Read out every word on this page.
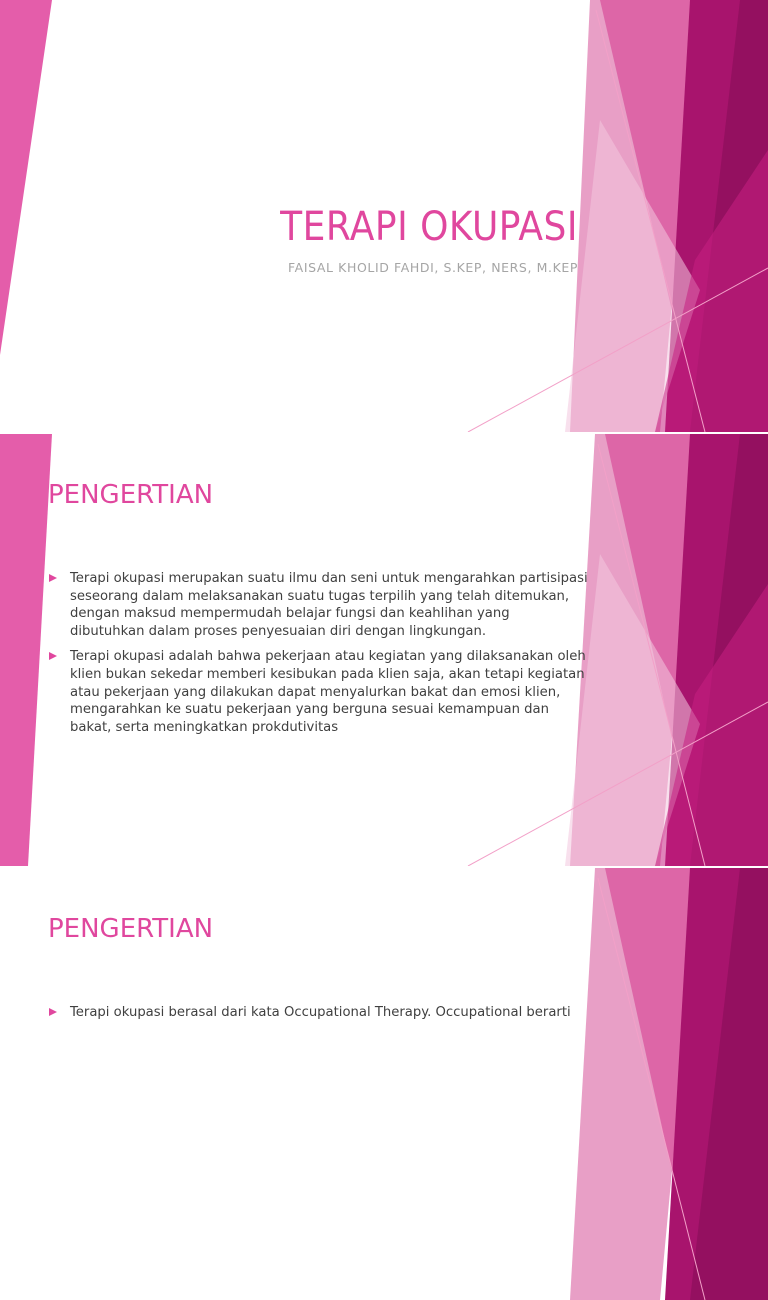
TERAPI OKUPASI
FAISAL KHOLID FAHDI, S.KEP, NERS, M.KEP
PENGERTIAN
Terapi okupasi merupakan suatu ilmu dan seni untuk mengarahkan partisipasi seseorang dalam melaksanakan suatu tugas terpilih yang telah ditemukan, dengan maksud mempermudah belajar fungsi dan keahlihan yang dibutuhkan dalam proses penyesuaian diri dengan lingkungan.
Terapi okupasi adalah bahwa pekerjaan atau kegiatan yang dilaksanakan oleh klien bukan sekedar memberi kesibukan pada klien saja, akan tetapi kegiatan atau pekerjaan yang dilakukan dapat menyalurkan bakat dan emosi klien, mengarahkan ke suatu pekerjaan yang berguna sesuai kemampuan dan bakat, serta meningkatkan prokdutivitas
PENGERTIAN
Terapi okupasi berasal dari kata Occupational Therapy. Occupational berarti
